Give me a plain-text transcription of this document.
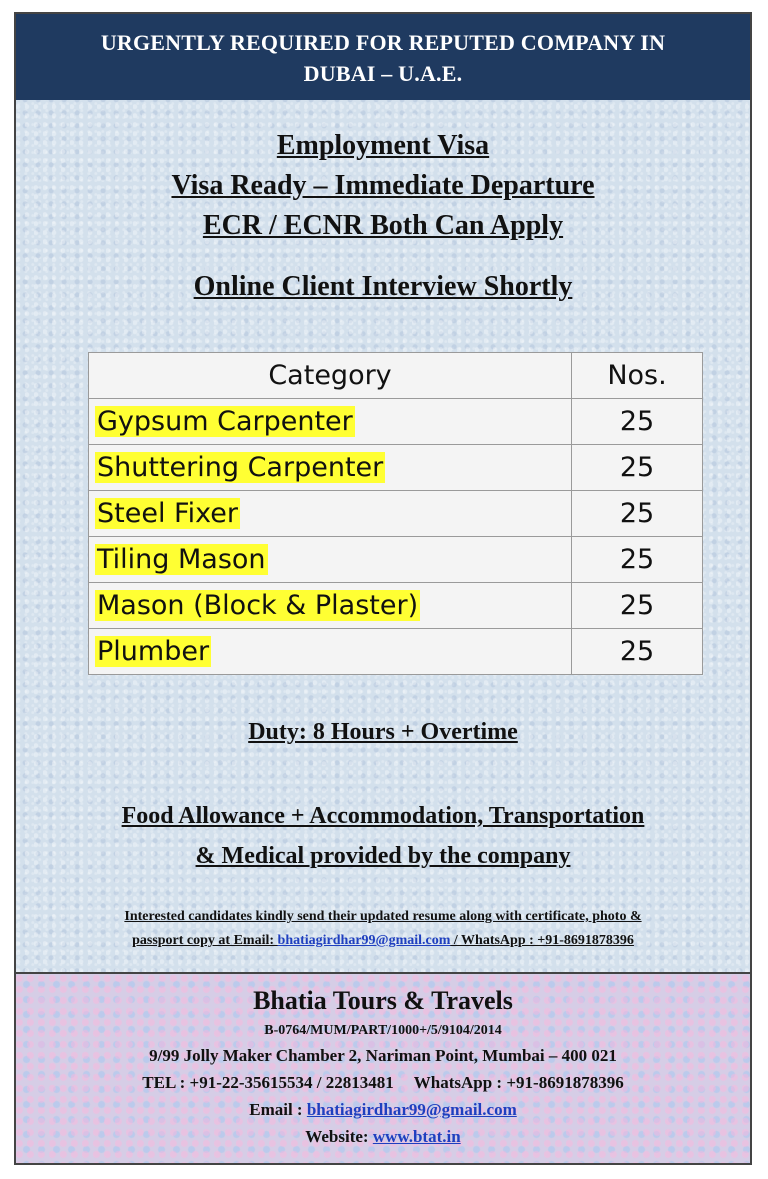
URGENTLY REQUIRED FOR REPUTED COMPANY IN
DUBAI – U.A.E.
Employment Visa
Visa Ready – Immediate Departure
ECR / ECNR Both Can Apply
Online Client Interview Shortly
Category	Nos.
Gypsum Carpenter	25
Shuttering Carpenter	25
Steel Fixer	25
Tiling Mason	25
Mason (Block & Plaster)	25
Plumber	25
Duty: 8 Hours + Overtime
Food Allowance + Accommodation, Transportation
& Medical provided by the company
Interested candidates kindly send their updated resume along with certificate, photo &
passport copy at Email: bhatiagirdhar99@gmail.com / WhatsApp : +91-8691878396
Bhatia Tours & Travels
B-0764/MUM/PART/1000+/5/9104/2014
9/99 Jolly Maker Chamber 2, Nariman Point, Mumbai – 400 021
TEL : +91-22-35615534 / 22813481 WhatsApp : +91-8691878396
Email : bhatiagirdhar99@gmail.com
Website: www.btat.in
